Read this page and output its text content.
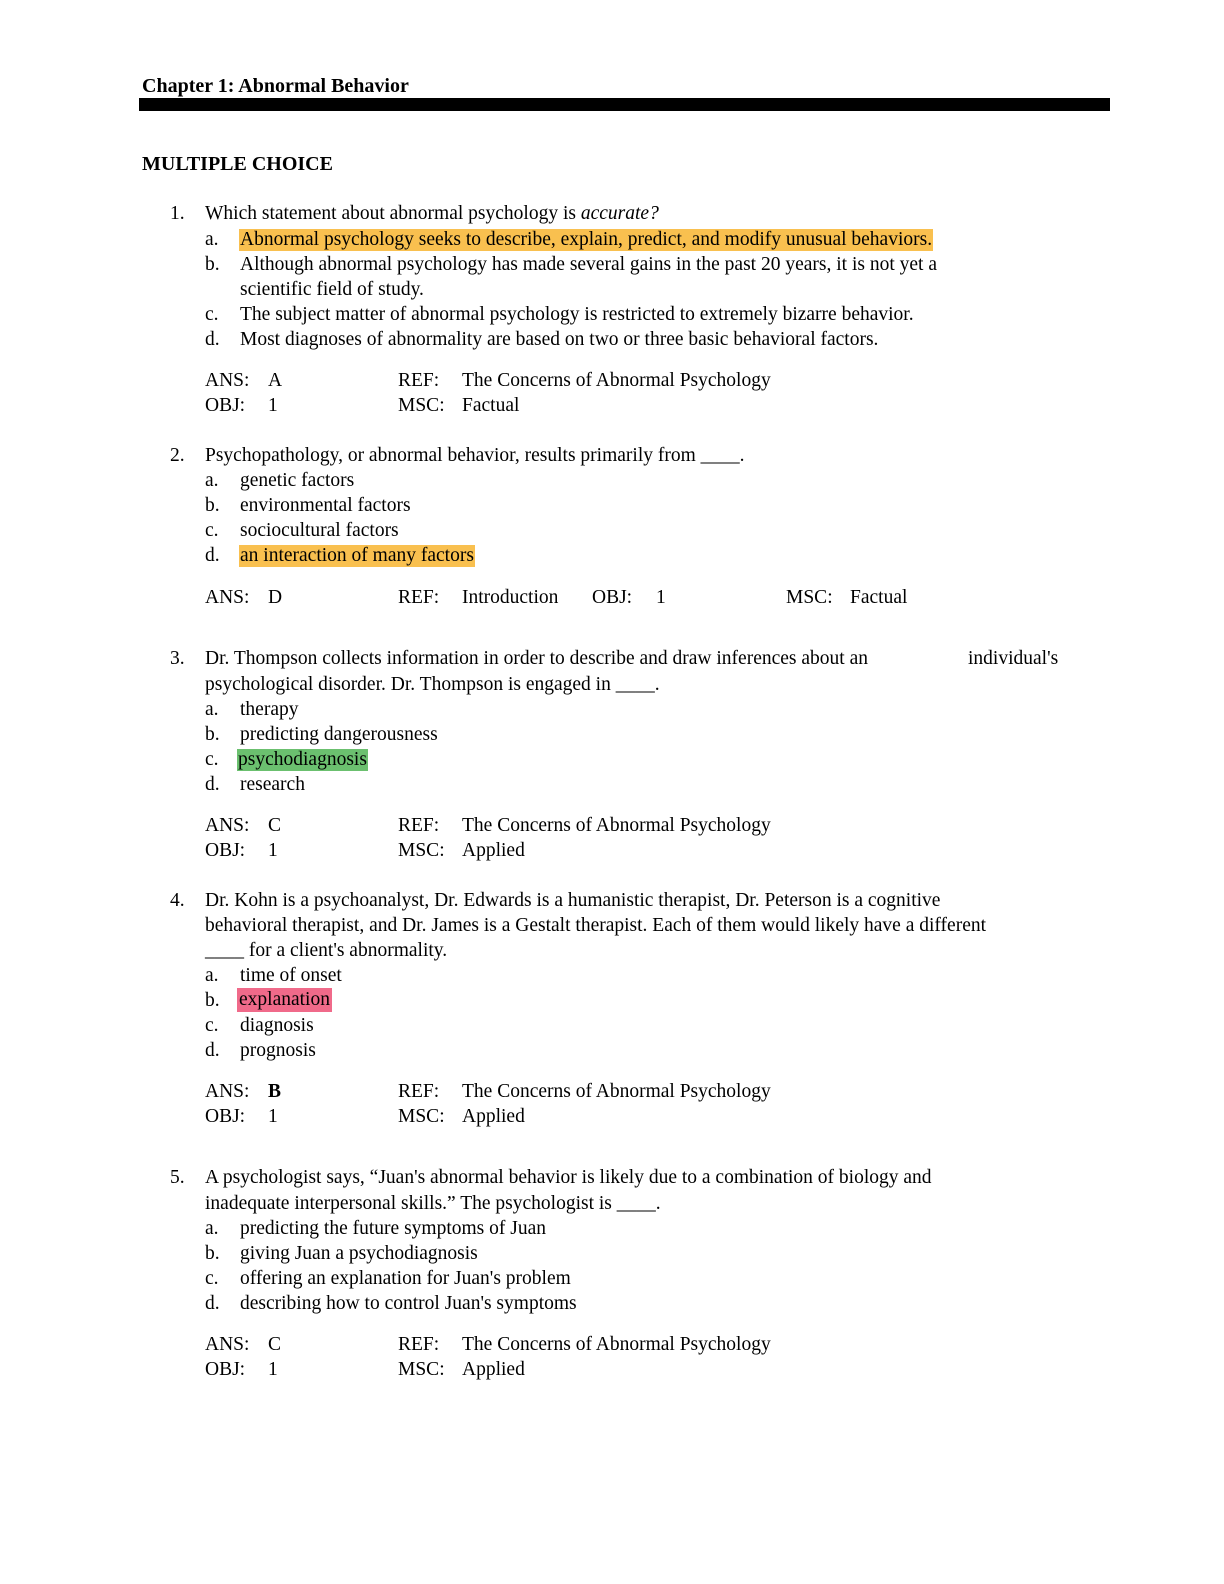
Chapter 1: Abnormal Behavior
MULTIPLE CHOICE
1. Which statement about abnormal psychology is accurate?
a. Abnormal psychology seeks to describe, explain, predict, and modify unusual behaviors.
b. Although abnormal psychology has made several gains in the past 20 years, it is not yet a
scientific field of study.
c. The subject matter of abnormal psychology is restricted to extremely bizarre behavior.
d. Most diagnoses of abnormality are based on two or three basic behavioral factors.
ANS: A	REF: The Concerns of Abnormal Psychology
OBJ: 1	MSC: Factual
2. Psychopathology, or abnormal behavior, results primarily from ____.
a. genetic factors
b. environmental factors
c. sociocultural factors
d. an interaction of many factors
ANS: D	REF: Introduction OBJ: 1	MSC: Factual
3. Dr. Thompson collects information in order to describe and draw inferences about an	individual's
psychological disorder. Dr. Thompson is engaged in ____.
a. therapy
b. predicting dangerousness
c. psychodiagnosis
d. research
ANS: C	REF: The Concerns of Abnormal Psychology
OBJ: 1	MSC: Applied
4. Dr. Kohn is a psychoanalyst, Dr. Edwards is a humanistic therapist, Dr. Peterson is a cognitive
behavioral therapist, and Dr. James is a Gestalt therapist. Each of them would likely have a different
____ for a client's abnormality.
a. time of onset
b. explanation
c. diagnosis
d. prognosis
ANS: B	REF: The Concerns of Abnormal Psychology
OBJ: 1	MSC: Applied
5. A psychologist says, “Juan's abnormal behavior is likely due to a combination of biology and
inadequate interpersonal skills.” The psychologist is ____.
a. predicting the future symptoms of Juan
b. giving Juan a psychodiagnosis
c. offering an explanation for Juan's problem
d. describing how to control Juan's symptoms
ANS: C	REF: The Concerns of Abnormal Psychology
OBJ: 1	MSC: Applied
